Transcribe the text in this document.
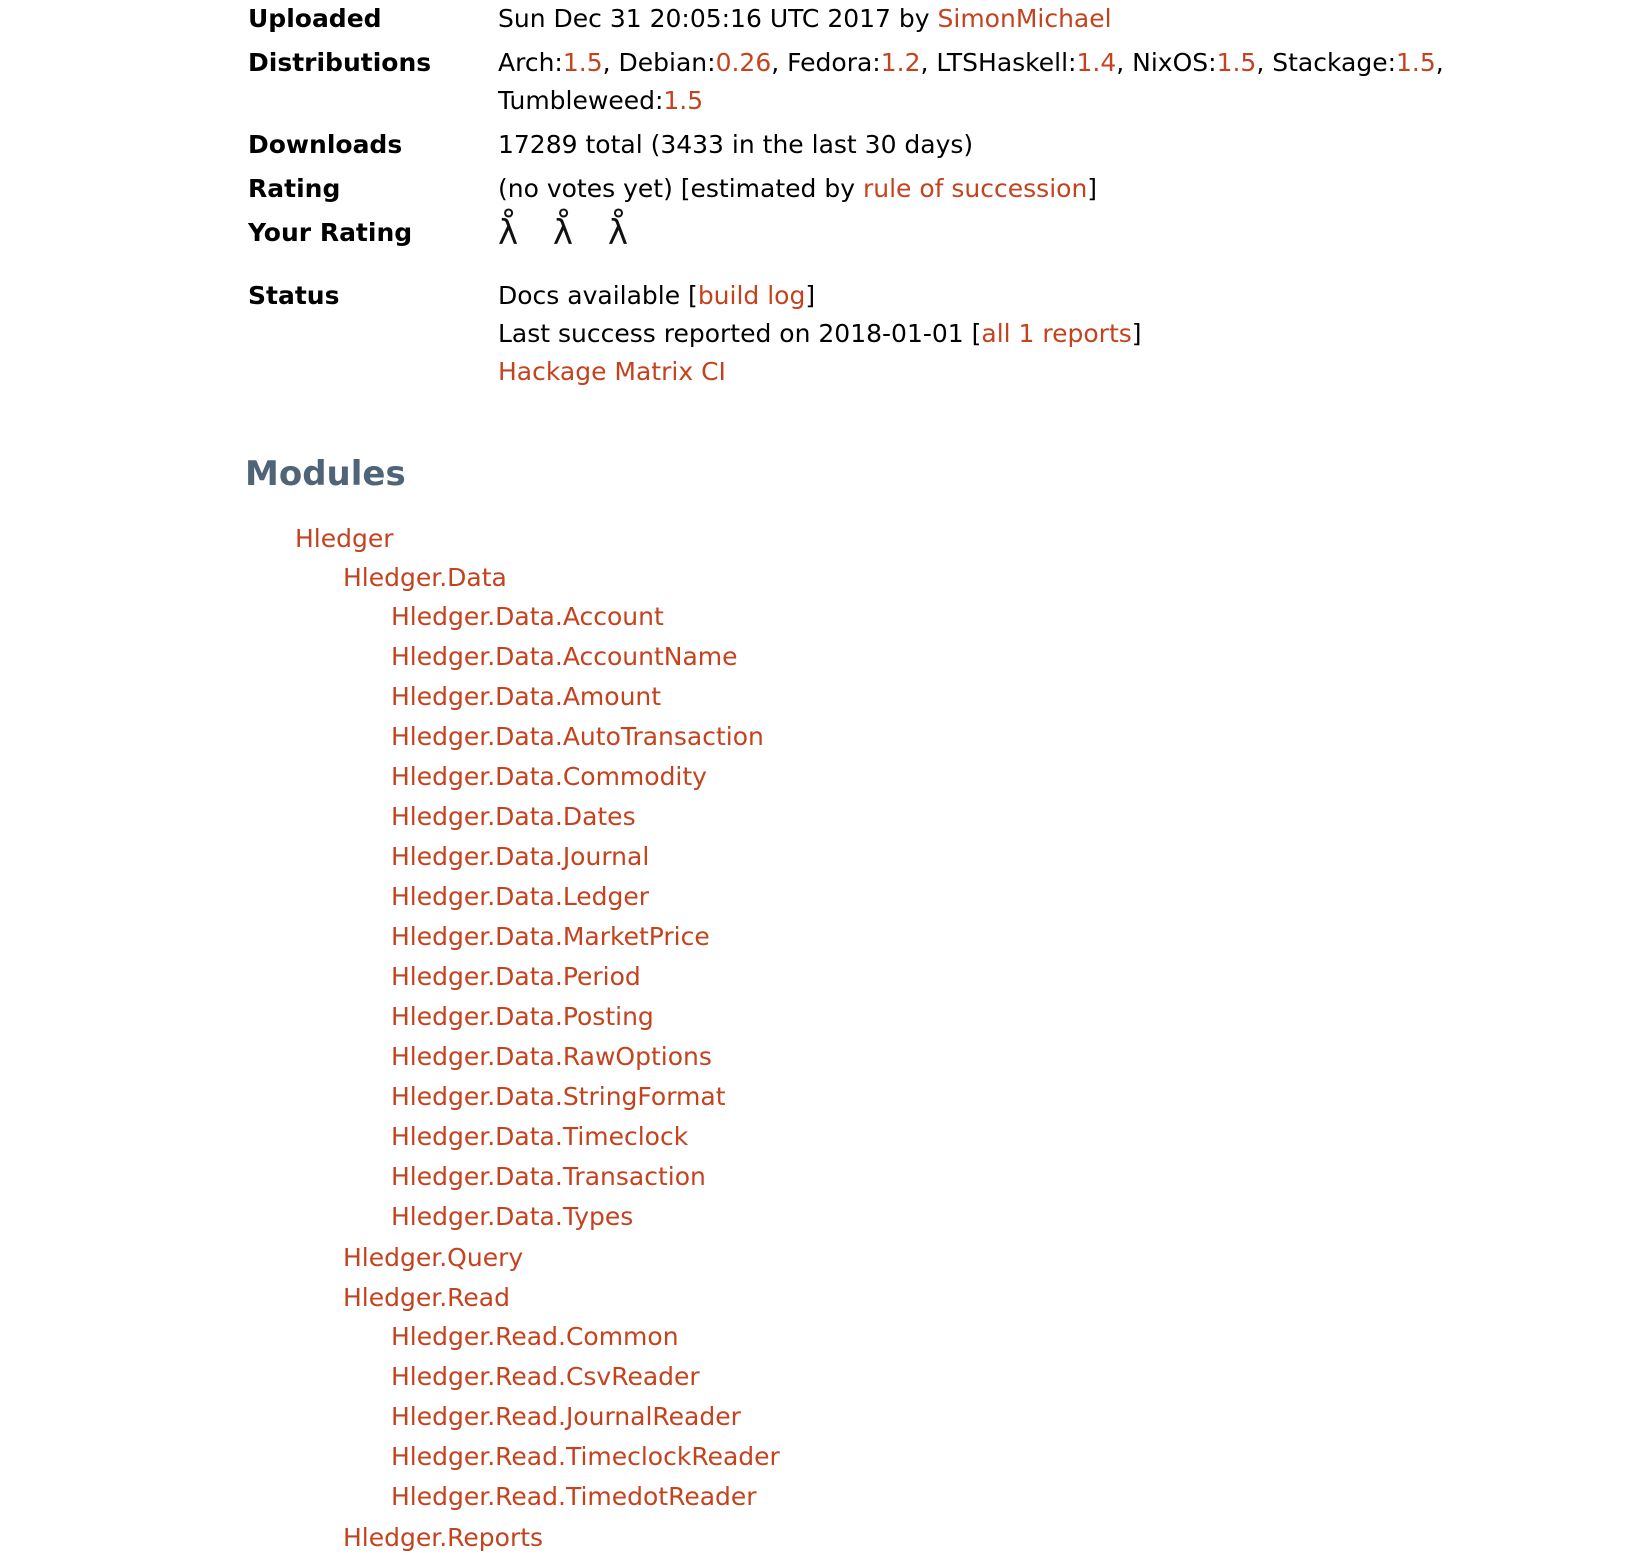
Uploaded	Sun Dec 31 20:05:16 UTC 2017 by SimonMichael
Distributions	Arch:1.5, Debian:0.26, Fedora:1.2, LTSHaskell:1.4, NixOS:1.5, Stackage:1.5, Tumbleweed:1.5
Downloads	17289 total (3433 in the last 30 days)
Rating	(no votes yet) [estimated by rule of succession]
Your Rating	λ̊ λ̊ λ̊

Status	Docs available [build log]
Last success reported on 2018-01-01 [all 1 reports]
Hackage Matrix CI
Modules
Hledger
Hledger.Data
Hledger.Data.Account
Hledger.Data.AccountName
Hledger.Data.Amount
Hledger.Data.AutoTransaction
Hledger.Data.Commodity
Hledger.Data.Dates
Hledger.Data.Journal
Hledger.Data.Ledger
Hledger.Data.MarketPrice
Hledger.Data.Period
Hledger.Data.Posting
Hledger.Data.RawOptions
Hledger.Data.StringFormat
Hledger.Data.Timeclock
Hledger.Data.Transaction
Hledger.Data.Types
Hledger.Query
Hledger.Read
Hledger.Read.Common
Hledger.Read.CsvReader
Hledger.Read.JournalReader
Hledger.Read.TimeclockReader
Hledger.Read.TimedotReader
Hledger.Reports
